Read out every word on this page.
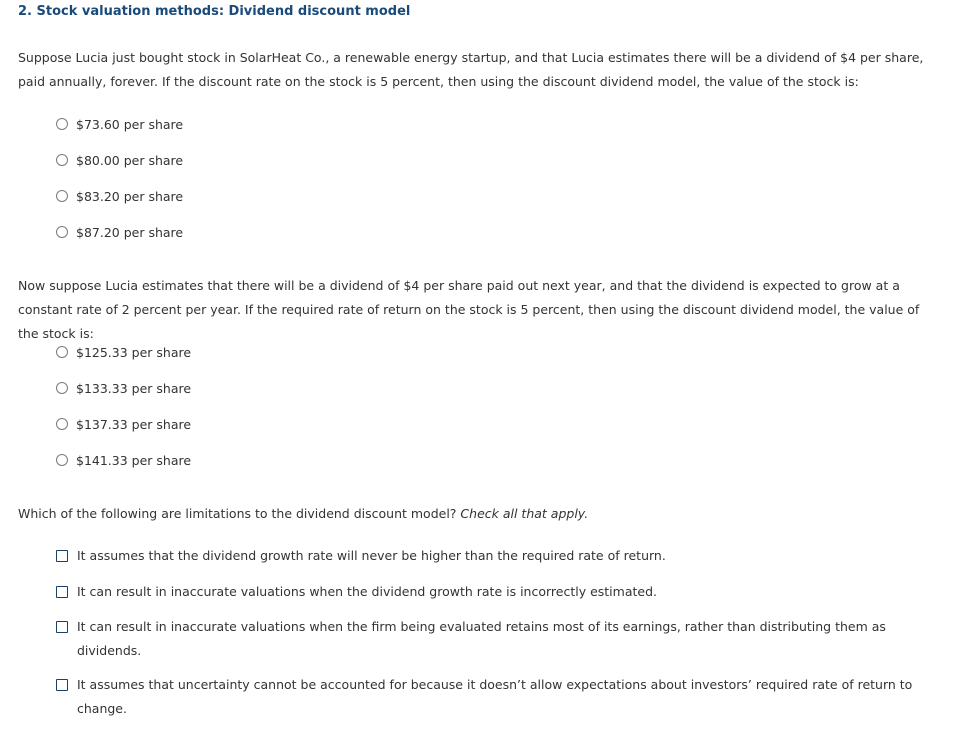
2. Stock valuation methods: Dividend discount model

Suppose Lucia just bought stock in SolarHeat Co., a renewable energy startup, and that Lucia estimates there will be a dividend of $4 per share, paid annually, forever. If the discount rate on the stock is 5 percent, then using the discount dividend model, the value of the stock is:

$73.60 per share
$80.00 per share
$83.20 per share
$87.20 per share

Now suppose Lucia estimates that there will be a dividend of $4 per share paid out next year, and that the dividend is expected to grow at a constant rate of 2 percent per year. If the required rate of return on the stock is 5 percent, then using the discount dividend model, the value of the stock is:

$125.33 per share
$133.33 per share
$137.33 per share
$141.33 per share

Which of the following are limitations to the dividend discount model? Check all that apply.

It assumes that the dividend growth rate will never be higher than the required rate of return.
It can result in inaccurate valuations when the dividend growth rate is incorrectly estimated.
It can result in inaccurate valuations when the firm being evaluated retains most of its earnings, rather than distributing them as dividends.
It assumes that uncertainty cannot be accounted for because it doesn’t allow expectations about investors’ required rate of return to change.
